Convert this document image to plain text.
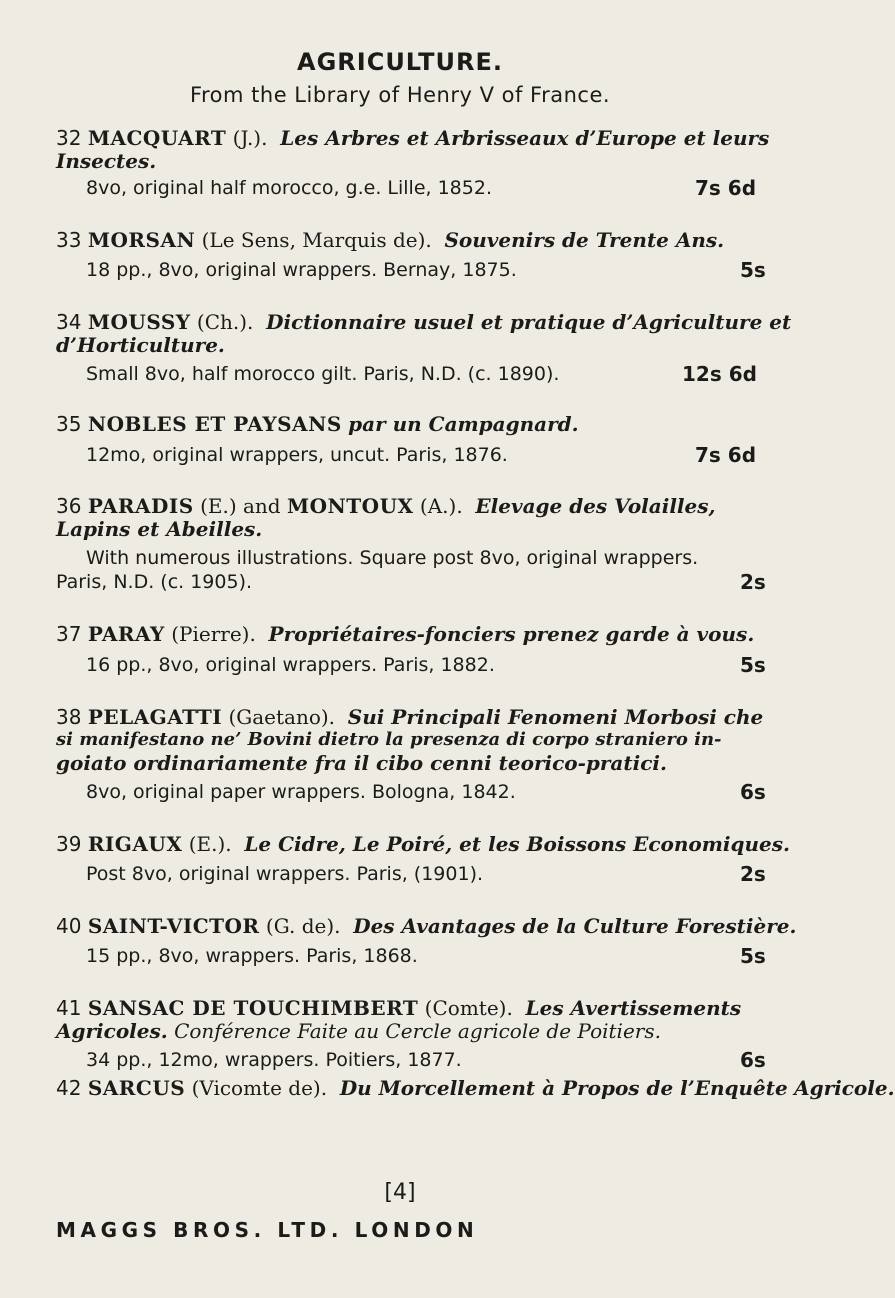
AGRICULTURE.
From the Library of Henry V of France.
32 MACQUART (J.). Les Arbres et Arbrisseaux d’Europe et leurs
Insectes.
8vo, original half morocco, g.e. Lille, 1852.	7s 6d
33 MORSAN (Le Sens, Marquis de). Souvenirs de Trente Ans.
18 pp., 8vo, original wrappers. Bernay, 1875.	5s
34 MOUSSY (Ch.). Dictionnaire usuel et pratique d’Agriculture et
d’Horticulture.
Small 8vo, half morocco gilt. Paris, N.D. (c. 1890).	12s 6d
35 NOBLES ET PAYSANS par un Campagnard.
12mo, original wrappers, uncut. Paris, 1876.	7s 6d
36 PARADIS (E.) and MONTOUX (A.). Elevage des Volailles,
Lapins et Abeilles.
With numerous illustrations. Square post 8vo, original wrappers.
Paris, N.D. (c. 1905).	2s
37 PARAY (Pierre). Propriétaires-fonciers prenez garde à vous.
16 pp., 8vo, original wrappers. Paris, 1882.	5s
38 PELAGATTI (Gaetano). Sui Principali Fenomeni Morbosi che
si manifestano ne’ Bovini dietro la presenza di corpo straniero in-
goiato ordinariamente fra il cibo cenni teorico-pratici.
8vo, original paper wrappers. Bologna, 1842.	6s
39 RIGAUX (E.). Le Cidre, Le Poiré, et les Boissons Economiques.
Post 8vo, original wrappers. Paris, (1901).	2s
40 SAINT-VICTOR (G. de). Des Avantages de la Culture Forestière.
15 pp., 8vo, wrappers. Paris, 1868.	5s
41 SANSAC DE TOUCHIMBERT (Comte). Les Avertissements
Agricoles. Conférence Faite au Cercle agricole de Poitiers.
34 pp., 12mo, wrappers. Poitiers, 1877.	6s
42 SARCUS (Vicomte de). Du Morcellement à Propos de l’Enquête Agricole.
[4]
MAGGS BROS. LTD. LONDON
